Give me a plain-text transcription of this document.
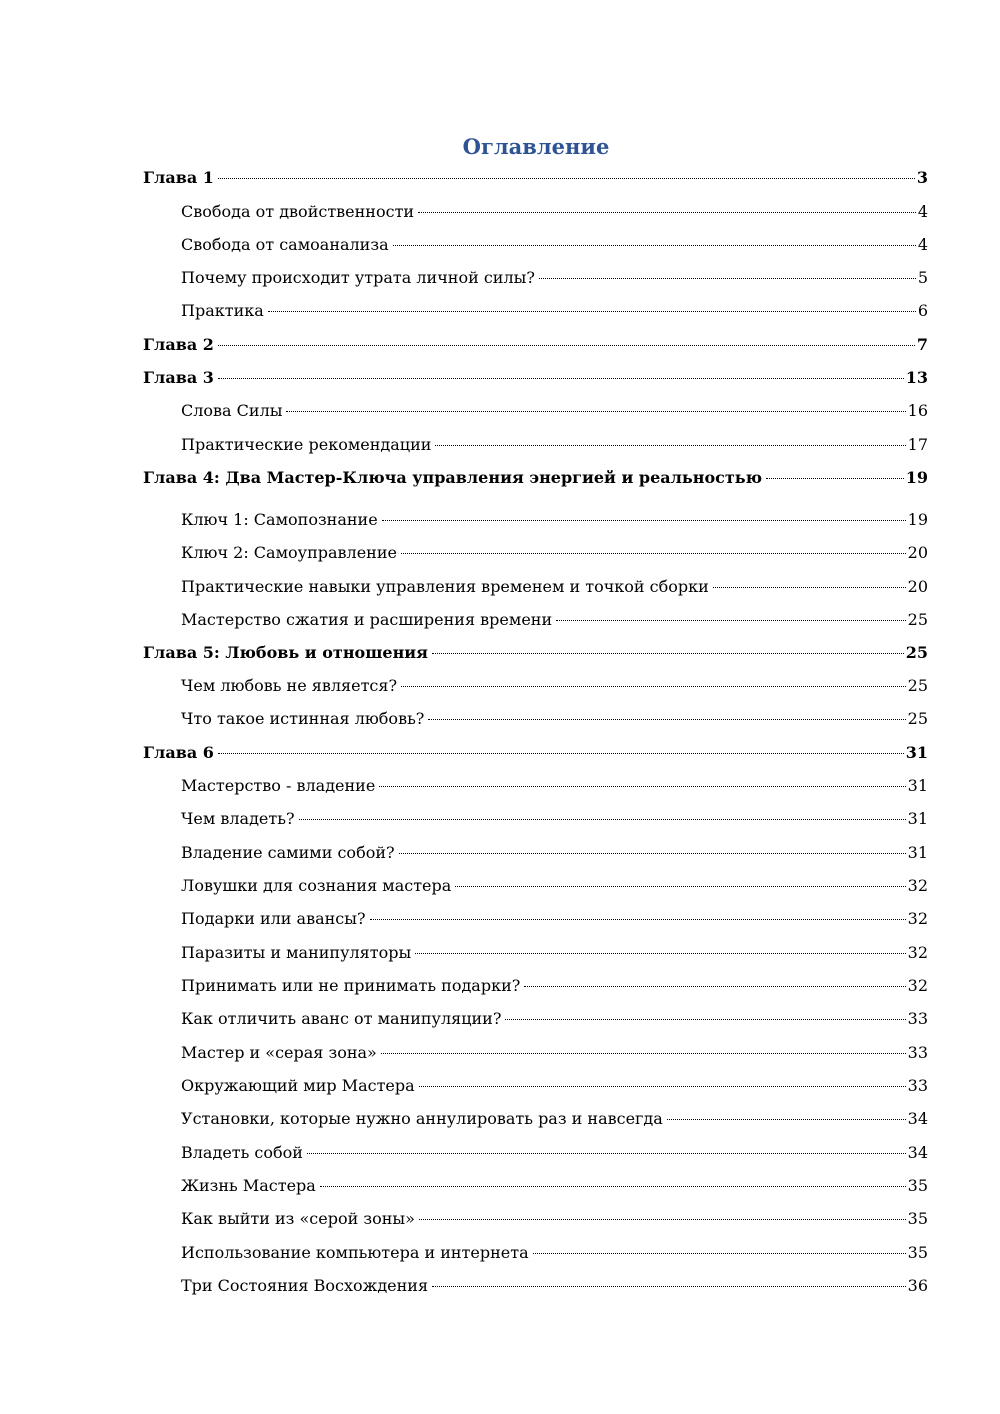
Оглавление
Глава 1	3
Свобода от двойственности	4
Свобода от самоанализа	4
Почему происходит утрата личной силы?	5
Практика	6
Глава 2	7
Глава 3	13
Слова Силы	16
Практические рекомендации	17
Глава 4: Два Мастер-Ключа управления энергией и реальностью	19
Ключ 1: Самопознание	19
Ключ 2: Самоуправление	20
Практические навыки управления временем и точкой сборки	20
Мастерство сжатия и расширения времени	25
Глава 5: Любовь и отношения	25
Чем любовь не является?	25
Что такое истинная любовь?	25
Глава 6	31
Мастерство - владение	31
Чем владеть?	31
Владение самими собой?	31
Ловушки для сознания мастера	32
Подарки или авансы?	32
Паразиты и манипуляторы	32
Принимать или не принимать подарки?	32
Как отличить аванс от манипуляции?	33
Мастер и «серая зона»	33
Окружающий мир Мастера	33
Установки, которые нужно аннулировать раз и навсегда	34
Владеть собой	34
Жизнь Мастера	35
Как выйти из «серой зоны»	35
Использование компьютера и интернета	35
Три Состояния Восхождения	36
